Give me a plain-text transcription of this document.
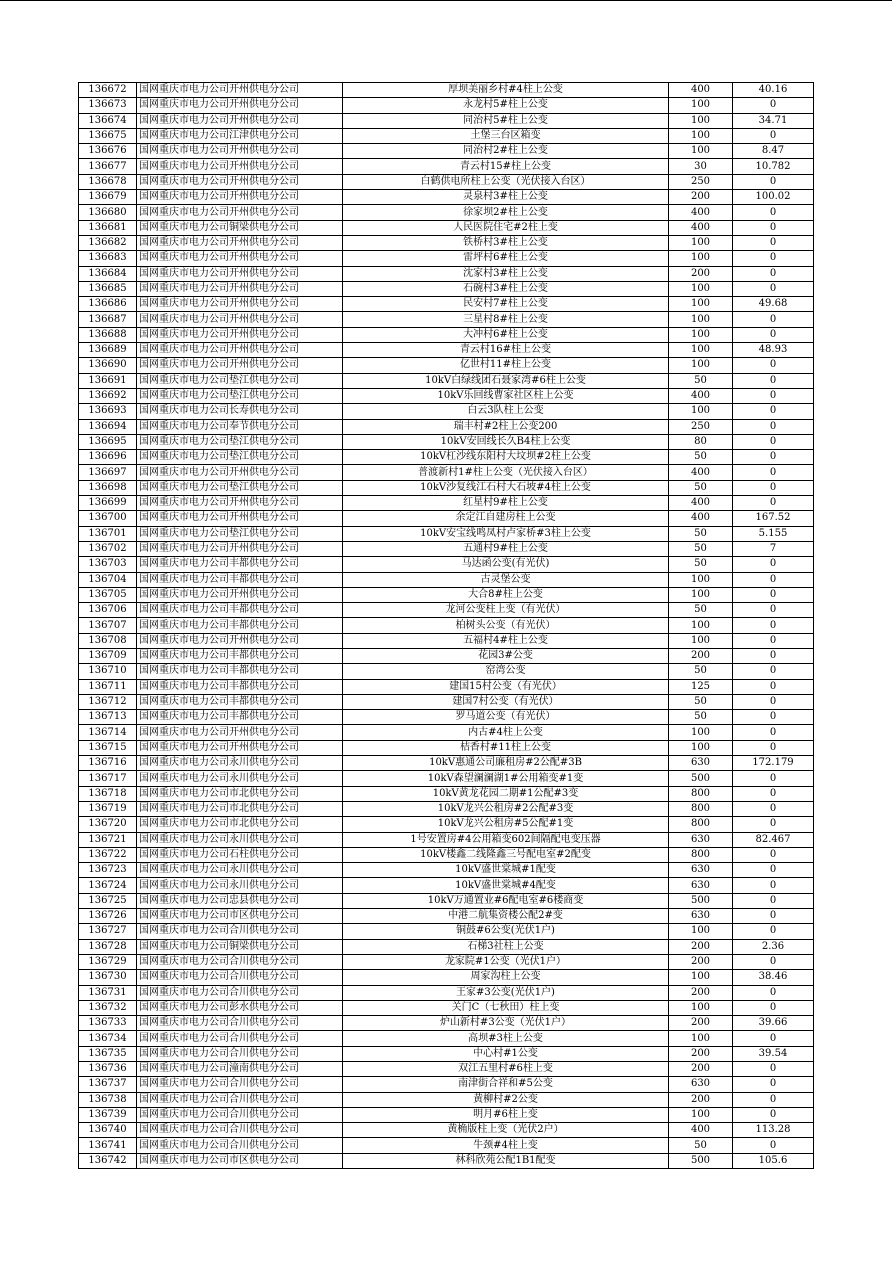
136672	国网重庆市电力公司开州供电分公司	厚坝美丽乡村#4柱上公变	400	40.16
136673	国网重庆市电力公司开州供电分公司	永龙村5#柱上公变	100	0
136674	国网重庆市电力公司开州供电分公司	同治村5#柱上公变	100	34.71
136675	国网重庆市电力公司江津供电分公司	土堡三台区箱变	100	0
136676	国网重庆市电力公司开州供电分公司	同治村2#柱上公变	100	8.47
136677	国网重庆市电力公司开州供电分公司	青云村15#柱上公变	30	10.782
136678	国网重庆市电力公司开州供电分公司	白鹤供电所柱上公变（光伏接入台区）	250	0
136679	国网重庆市电力公司开州供电分公司	灵泉村3#柱上公变	200	100.02
136680	国网重庆市电力公司开州供电分公司	徐家坝2#柱上公变	400	0
136681	国网重庆市电力公司铜梁供电分公司	人民医院住宅#2柱上变	400	0
136682	国网重庆市电力公司开州供电分公司	铁桥村3#柱上公变	100	0
136683	国网重庆市电力公司开州供电分公司	雷坪村6#柱上公变	100	0
136684	国网重庆市电力公司开州供电分公司	沈家村3#柱上公变	200	0
136685	国网重庆市电力公司开州供电分公司	石碗村3#柱上公变	100	0
136686	国网重庆市电力公司开州供电分公司	民安村7#柱上公变	100	49.68
136687	国网重庆市电力公司开州供电分公司	三星村8#柱上公变	100	0
136688	国网重庆市电力公司开州供电分公司	大冲村6#柱上公变	100	0
136689	国网重庆市电力公司开州供电分公司	青云村16#柱上公变	100	48.93
136690	国网重庆市电力公司开州供电分公司	亿世村11#柱上公变	100	0
136691	国网重庆市电力公司垫江供电分公司	10kV白绿线团石聂家湾#6柱上公变	50	0
136692	国网重庆市电力公司垫江供电分公司	10kV乐回线曹家社区柱上公变	400	0
136693	国网重庆市电力公司长寿供电分公司	白云3队柱上公变	100	0
136694	国网重庆市电力公司奉节供电分公司	瑞丰村#2柱上公变200	250	0
136695	国网重庆市电力公司垫江供电分公司	10kV安回线长久B4柱上公变	80	0
136696	国网重庆市电力公司垫江供电分公司	10kV杠沙线东阳村大坟坝#2柱上公变	50	0
136697	国网重庆市电力公司开州供电分公司	普渡新村1#柱上公变（光伏接入台区）	400	0
136698	国网重庆市电力公司垫江供电分公司	10kV沙复线江石村大石坡#4柱上公变	50	0
136699	国网重庆市电力公司开州供电分公司	红星村9#柱上公变	400	0
136700	国网重庆市电力公司开州供电分公司	余定江自建房柱上公变	400	167.52
136701	国网重庆市电力公司垫江供电分公司	10kV安宝线鸣凤村卢家桥#3柱上公变	50	5.155
136702	国网重庆市电力公司开州供电分公司	五通村9#柱上公变	50	7
136703	国网重庆市电力公司丰都供电分公司	马达函公变(有光伏)	50	0
136704	国网重庆市电力公司丰都供电分公司	古灵堡公变	100	0
136705	国网重庆市电力公司开州供电分公司	大合8#柱上公变	100	0
136706	国网重庆市电力公司丰都供电分公司	龙河公变柱上变（有光伏）	50	0
136707	国网重庆市电力公司丰都供电分公司	柏树头公变（有光伏）	100	0
136708	国网重庆市电力公司开州供电分公司	五福村4#柱上公变	100	0
136709	国网重庆市电力公司丰都供电分公司	花园3#公变	200	0
136710	国网重庆市电力公司丰都供电分公司	窑湾公变	50	0
136711	国网重庆市电力公司丰都供电分公司	建国15村公变（有光伏）	125	0
136712	国网重庆市电力公司丰都供电分公司	建国7村公变（有光伏）	50	0
136713	国网重庆市电力公司丰都供电分公司	罗马道公变（有光伏）	50	0
136714	国网重庆市电力公司开州供电分公司	内古#4柱上公变	100	0
136715	国网重庆市电力公司开州供电分公司	桔香村#11柱上公变	100	0
136716	国网重庆市电力公司永川供电分公司	10kV惠通公司廉租房#2公配#3B	630	172.179
136717	国网重庆市电力公司永川供电分公司	10kV森望澜澜湖1#公用箱变#1变	500	0
136718	国网重庆市电力公司市北供电分公司	10kV黄龙花园二期#1公配#3变	800	0
136719	国网重庆市电力公司市北供电分公司	10kV龙兴公租房#2公配#3变	800	0
136720	国网重庆市电力公司市北供电分公司	10kV龙兴公租房#5公配#1变	800	0
136721	国网重庆市电力公司永川供电分公司	1号安置房#4公用箱变602间隔配电变压器	630	82.467
136722	国网重庆市电力公司石柱供电分公司	10kV楼鑫二线隆鑫三号配电室#2配变	800	0
136723	国网重庆市电力公司永川供电分公司	10kV盛世棠城#1配变	630	0
136724	国网重庆市电力公司永川供电分公司	10kV盛世棠城#4配变	630	0
136725	国网重庆市电力公司忠县供电分公司	10kV万通置业#6配电室#6楼商变	500	0
136726	国网重庆市电力公司市区供电分公司	中港二航集资楼公配2#变	630	0
136727	国网重庆市电力公司合川供电分公司	铜鼓#6公变(光伏1户)	100	0
136728	国网重庆市电力公司铜梁供电分公司	石梯3社柱上公变	200	2.36
136729	国网重庆市电力公司合川供电分公司	龙家院#1公变（光伏1户）	200	0
136730	国网重庆市电力公司合川供电分公司	周家沟柱上公变	100	38.46
136731	国网重庆市电力公司合川供电分公司	王家#3公变(光伏1户)	200	0
136732	国网重庆市电力公司彭水供电分公司	关门C（七秋田）柱上变	100	0
136733	国网重庆市电力公司合川供电分公司	炉山新村#3公变（光伏1户）	200	39.66
136734	国网重庆市电力公司合川供电分公司	高坝#3柱上公变	100	0
136735	国网重庆市电力公司合川供电分公司	中心村#1公变	200	39.54
136736	国网重庆市电力公司潼南供电分公司	双江五里村#6柱上变	200	0
136737	国网重庆市电力公司合川供电分公司	南津街合祥和#5公变	630	0
136738	国网重庆市电力公司合川供电分公司	黄柳村#2公变	200	0
136739	国网重庆市电力公司合川供电分公司	明月#6柱上变	100	0
136740	国网重庆市电力公司合川供电分公司	黄桷版柱上变（光伏2户）	400	113.28
136741	国网重庆市电力公司合川供电分公司	牛颈#4柱上变	50	0
136742	国网重庆市电力公司市区供电分公司	林科欣苑公配1B1配变	500	105.6
